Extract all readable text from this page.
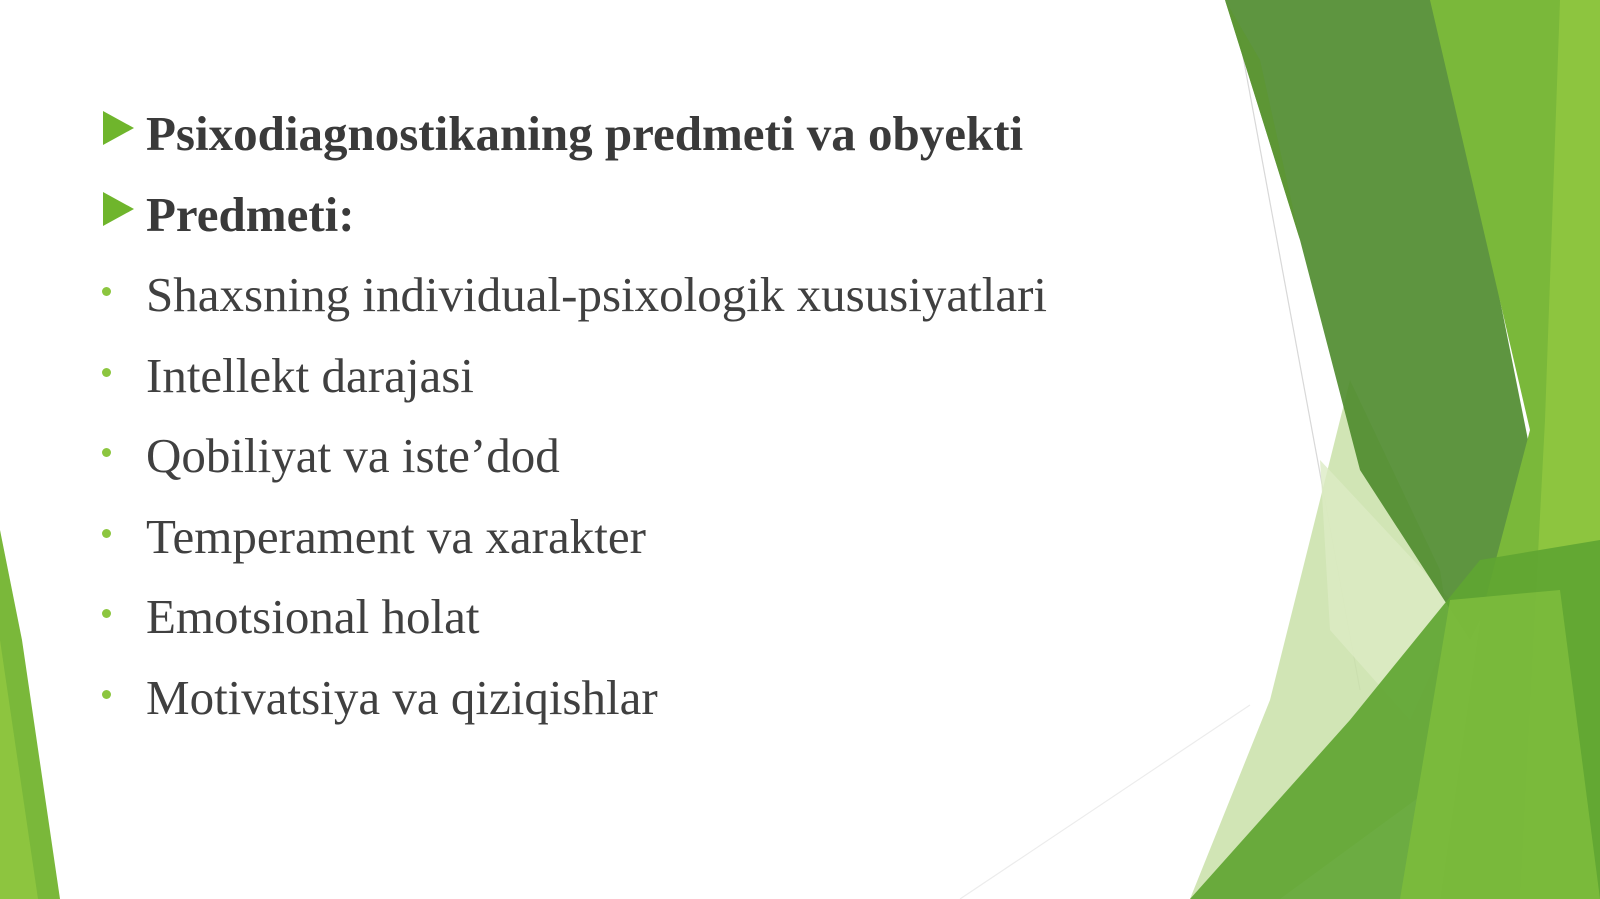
Psixodiagnostikaning predmeti va obyekti
Predmeti:
Shaxsning individual-psixologik xususiyatlari
Intellekt darajasi
Qobiliyat va iste’dod
Temperament va xarakter
Emotsional holat
Motivatsiya va qiziqishlar
